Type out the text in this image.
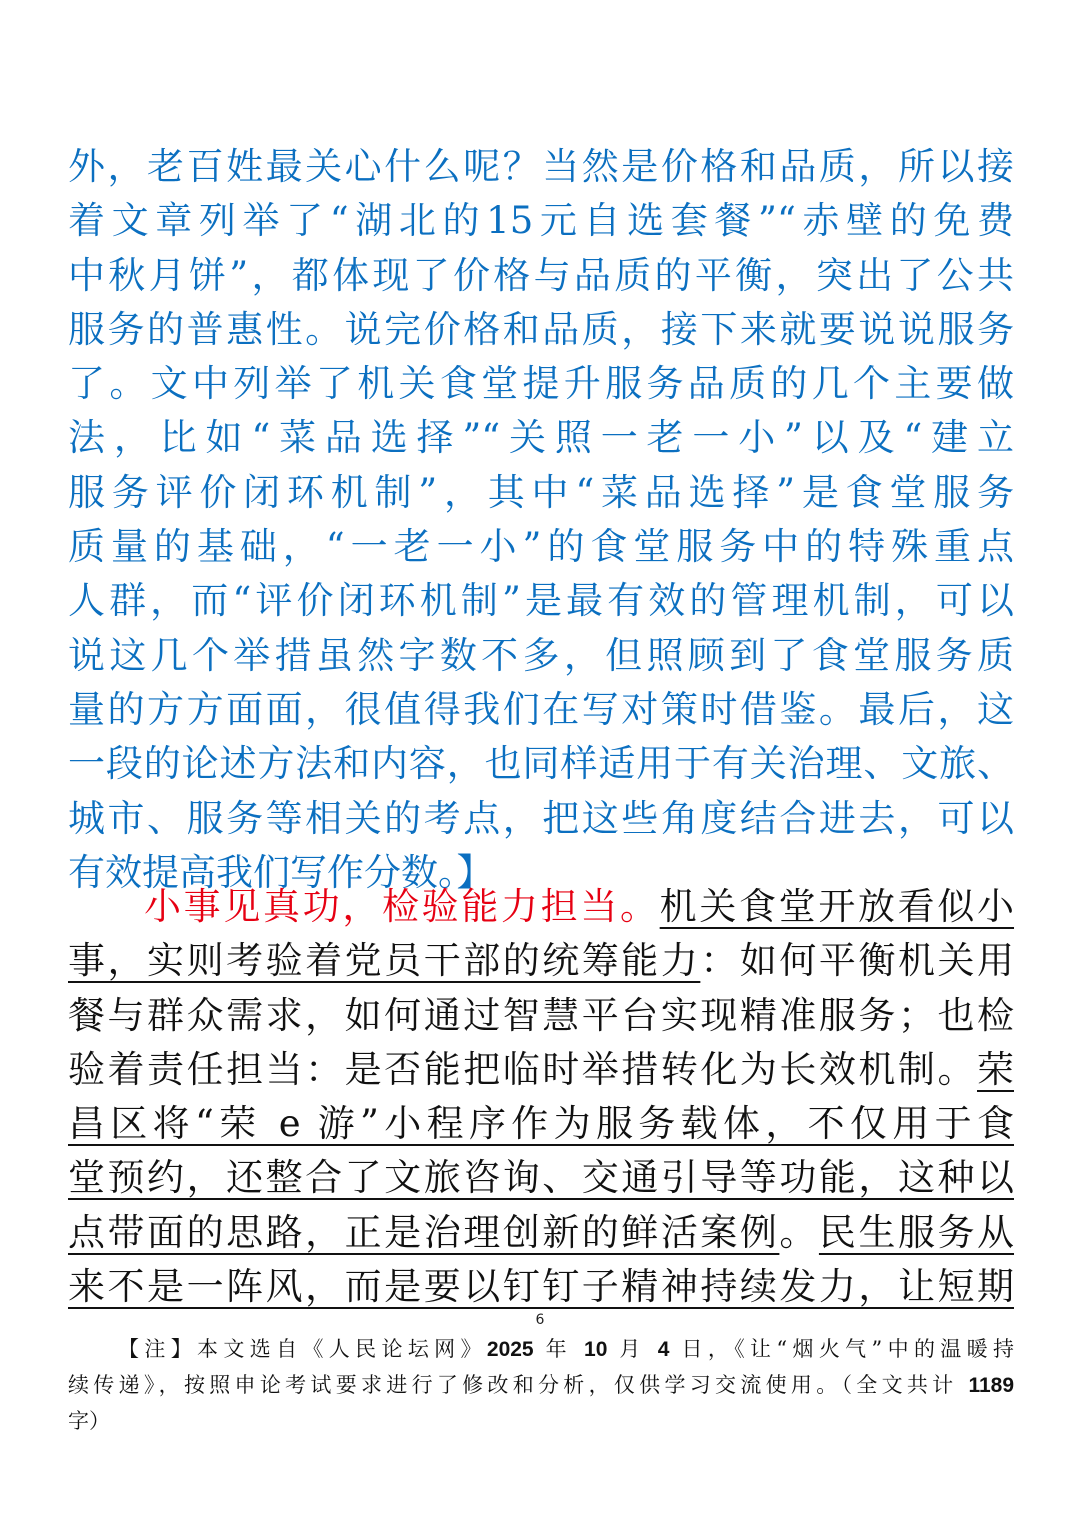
外，老百姓最关心什么呢？当然是价格和品质，所以接
着文章列举了“湖北的15元自选套餐”“赤壁的免费
中秋月饼”，都体现了价格与品质的平衡，突出了公共
服务的普惠性。说完价格和品质，接下来就要说说服务
了。文中列举了机关食堂提升服务品质的几个主要做
法，比如“菜品选择”“关照一老一小”以及“建立
服务评价闭环机制”，其中“菜品选择”是食堂服务
质量的基础，“一老一小”的食堂服务中的特殊重点
人群，而“评价闭环机制”是最有效的管理机制，可以
说这几个举措虽然字数不多，但照顾到了食堂服务质
量的方方面面，很值得我们在写对策时借鉴。最后，这
一段的论述方法和内容，也同样适用于有关治理、文旅、
城市、服务等相关的考点，把这些角度结合进去，可以
有效提高我们写作分数。】
小事见真功，检验能力担当。机关食堂开放看似小
事，实则考验着党员干部的统筹能力：如何平衡机关用
餐与群众需求，如何通过智慧平台实现精准服务；也检
验着责任担当：是否能把临时举措转化为长效机制。荣
昌区将“荣 e 游”小程序作为服务载体，不仅用于食
堂预约，还整合了文旅咨询、交通引导等功能，这种以
点带面的思路，正是治理创新的鲜活案例。民生服务从
来不是一阵风，而是要以钉钉子精神持续发力，让短期
6
【注】本文选自《人民论坛网》2025 年 10 月 4 日，《让“烟火气”中的温暖持
续传递》，按照申论考试要求进行了修改和分析，仅供学习交流使用。（全文共计 1189
字）
